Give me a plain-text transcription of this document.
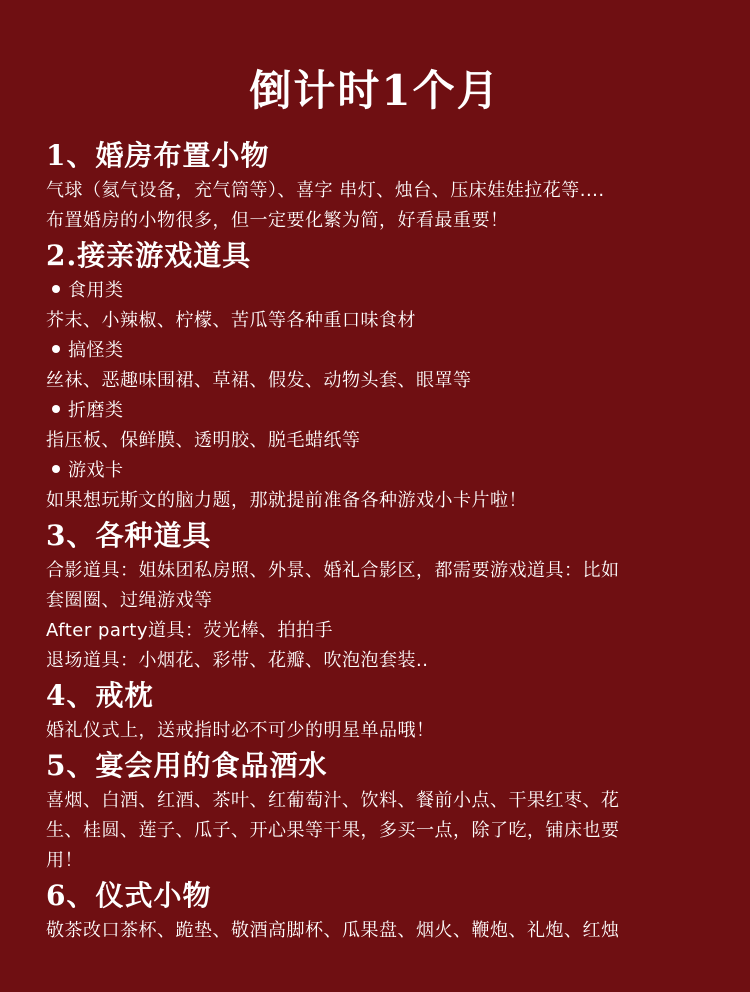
倒计时1个月
1、婚房布置小物
气球（氦气设备，充气筒等）、喜字 串灯、烛台、压床娃娃拉花等....
布置婚房的小物很多，但一定要化繁为简，好看最重要！
2.接亲游戏道具
食用类
芥末、小辣椒、柠檬、苦瓜等各种重口味食材
搞怪类
丝袜、恶趣味围裙、草裙、假发、动物头套、眼罩等
折磨类
指压板、保鲜膜、透明胶、脱毛蜡纸等
游戏卡
如果想玩斯文的脑力题，那就提前准备各种游戏小卡片啦！
3、各种道具
合影道具：姐妹团私房照、外景、婚礼合影区，都需要游戏道具：比如
套圈圈、过绳游戏等
After party道具：荧光棒、拍拍手
退场道具：小烟花、彩带、花瓣、吹泡泡套装..
4、戒枕
婚礼仪式上，送戒指时必不可少的明星单品哦！
5、宴会用的食品酒水
喜烟、白酒、红酒、茶叶、红葡萄汁、饮料、餐前小点、干果红枣、花
生、桂圆、莲子、瓜子、开心果等干果，多买一点，除了吃，铺床也要
用！
6、仪式小物
敬茶改口茶杯、跪垫、敬酒高脚杯、瓜果盘、烟火、鞭炮、礼炮、红烛
